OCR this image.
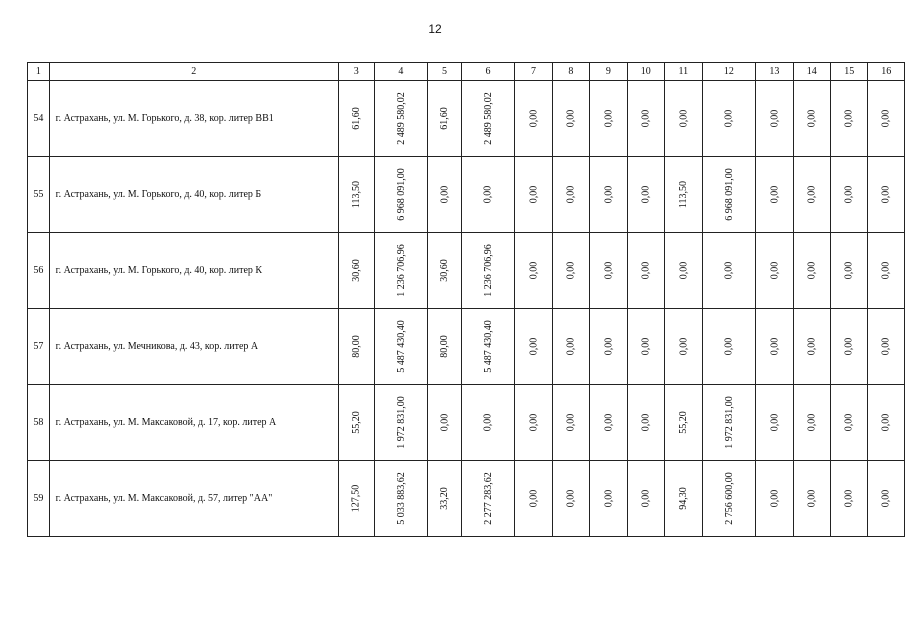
12
1	2	3	4	5	6	7	8	9	10	11	12	13	14	15	16
54	г. Астрахань, ул. М. Горького, д. 38, кор. литер ВВ1	61,60	2 489 580,02	61,60	2 489 580,02	0,00	0,00	0,00	0,00	0,00	0,00	0,00	0,00	0,00	0,00
55	г. Астрахань, ул. М. Горького, д. 40, кор. литер Б	113,50	6 968 091,00	0,00	0,00	0,00	0,00	0,00	0,00	113,50	6 968 091,00	0,00	0,00	0,00	0,00
56	г. Астрахань, ул. М. Горького, д. 40, кор. литер К	30,60	1 236 706,96	30,60	1 236 706,96	0,00	0,00	0,00	0,00	0,00	0,00	0,00	0,00	0,00	0,00
57	г. Астрахань, ул. Мечникова, д. 43, кор. литер А	80,00	5 487 430,40	80,00	5 487 430,40	0,00	0,00	0,00	0,00	0,00	0,00	0,00	0,00	0,00	0,00
58	г. Астрахань, ул. М. Максаковой, д. 17, кор. литер А	55,20	1 972 831,00	0,00	0,00	0,00	0,00	0,00	0,00	55,20	1 972 831,00	0,00	0,00	0,00	0,00
59	г. Астрахань, ул. М. Максаковой, д. 57, литер "АА"	127,50	5 033 883,62	33,20	2 277 283,62	0,00	0,00	0,00	0,00	94,30	2 756 600,00	0,00	0,00	0,00	0,00
